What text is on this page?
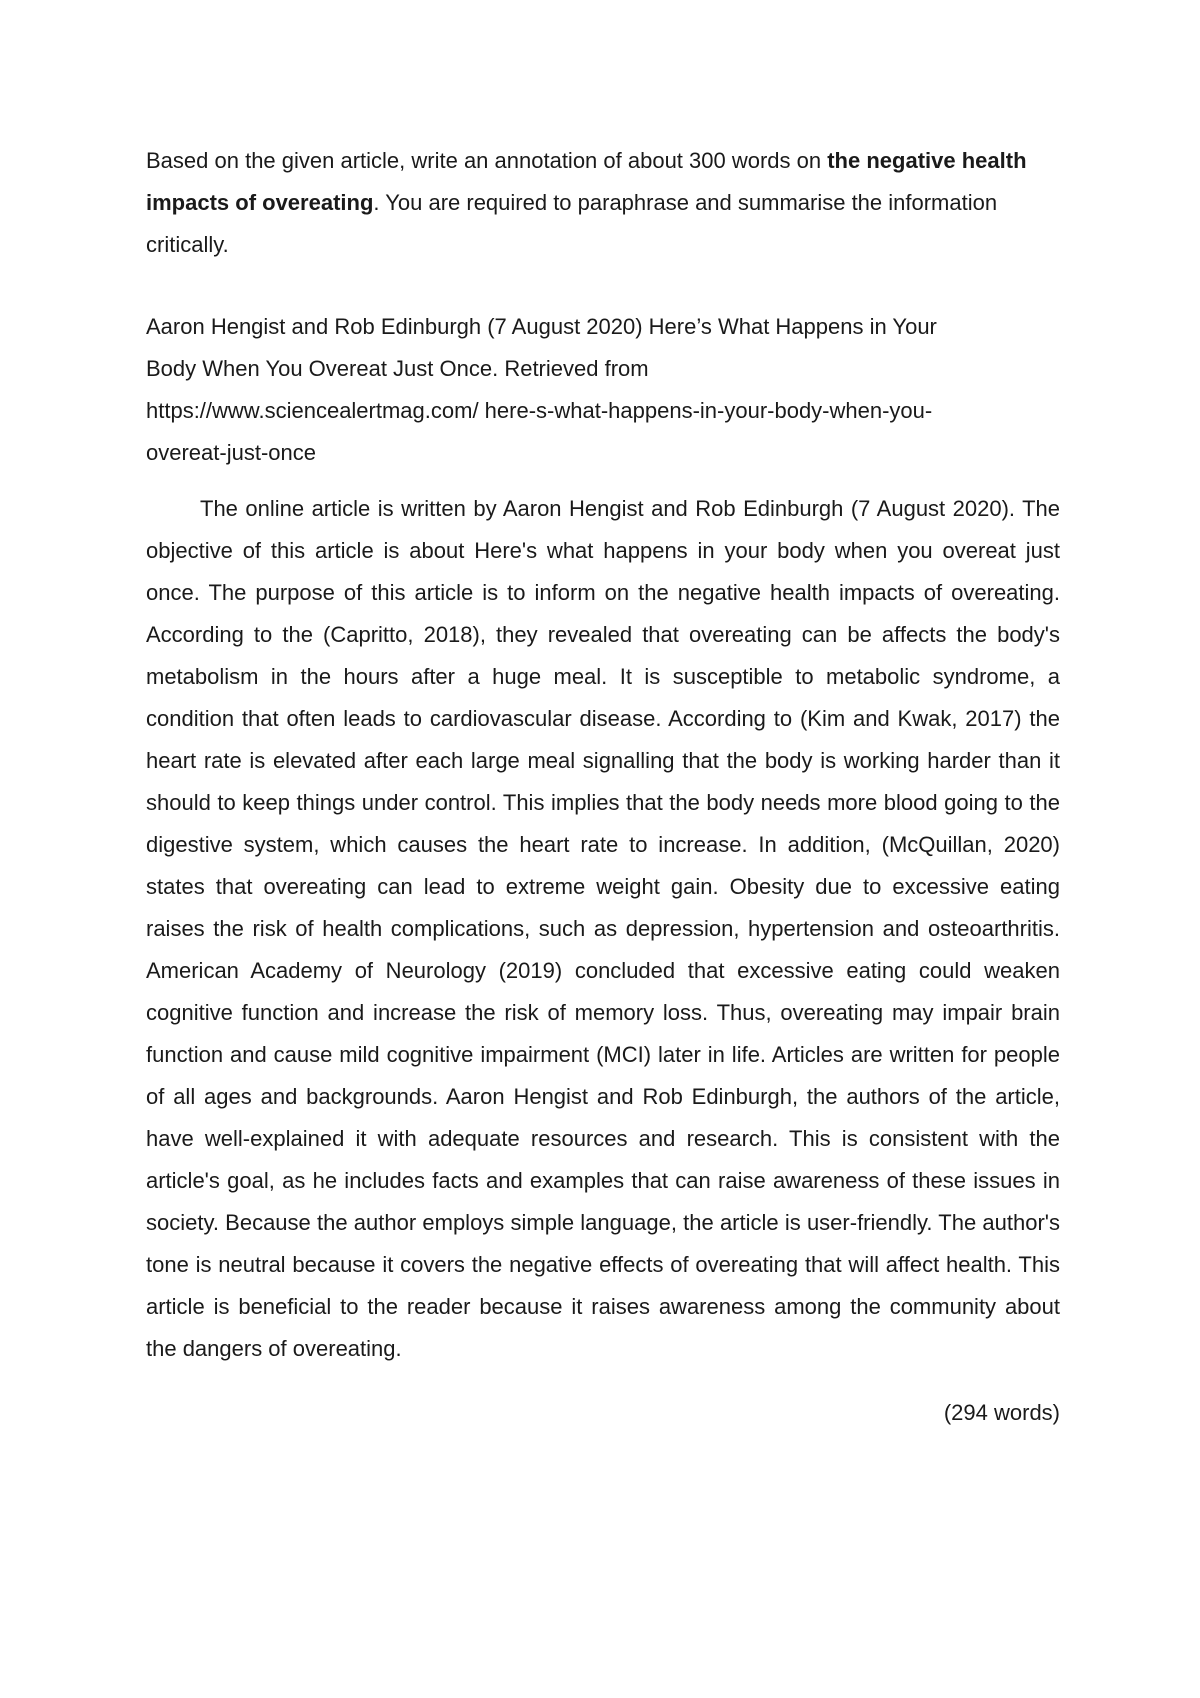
Based on the given article, write an annotation of about 300 words on the negative health impacts of overeating. You are required to paraphrase and summarise the information critically.

Aaron Hengist and Rob Edinburgh (7 August 2020) Here’s What Happens in Your
Body When You Overeat Just Once. Retrieved from
https://www.sciencealertmag.com/ here-s-what-happens-in-your-body-when-you-
overeat-just-once

The online article is written by Aaron Hengist and Rob Edinburgh (7 August 2020). The objective of this article is about Here's what happens in your body when you overeat just once. The purpose of this article is to inform on the negative health impacts of overeating. According to the (Capritto, 2018), they revealed that overeating can be affects the body's metabolism in the hours after a huge meal. It is susceptible to metabolic syndrome, a condition that often leads to cardiovascular disease. According to (Kim and Kwak, 2017) the heart rate is elevated after each large meal signalling that the body is working harder than it should to keep things under control. This implies that the body needs more blood going to the digestive system, which causes the heart rate to increase. In addition, (McQuillan, 2020) states that overeating can lead to extreme weight gain. Obesity due to excessive eating raises the risk of health complications, such as depression, hypertension and osteoarthritis. American Academy of Neurology (2019) concluded that excessive eating could weaken cognitive function and increase the risk of memory loss. Thus, overeating may impair brain function and cause mild cognitive impairment (MCI) later in life. Articles are written for people of all ages and backgrounds. Aaron Hengist and Rob Edinburgh, the authors of the article, have well-explained it with adequate resources and research. This is consistent with the article's goal, as he includes facts and examples that can raise awareness of these issues in society. Because the author employs simple language, the article is user-friendly. The author's tone is neutral because it covers the negative effects of overeating that will affect health. This article is beneficial to the reader because it raises awareness among the community about the dangers of overeating.

(294 words)
